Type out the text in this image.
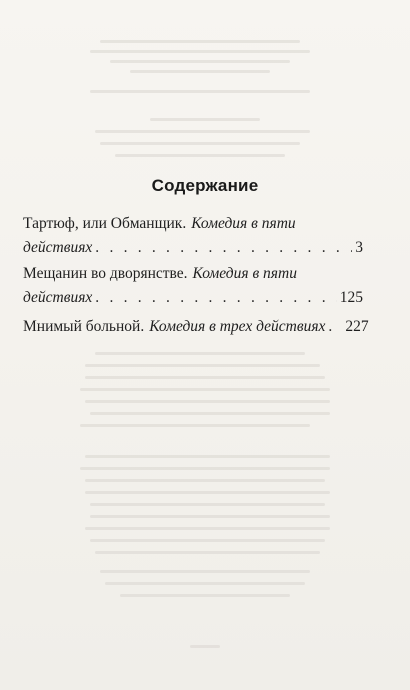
Содержание
Тартюф, или Обманщик. Комедия в пяти
действиях . . .	3
Мещанин во дворянстве. Комедия в пяти
действиях . . .	125
Мнимый больной. Комедия в трех действиях . . . 227
